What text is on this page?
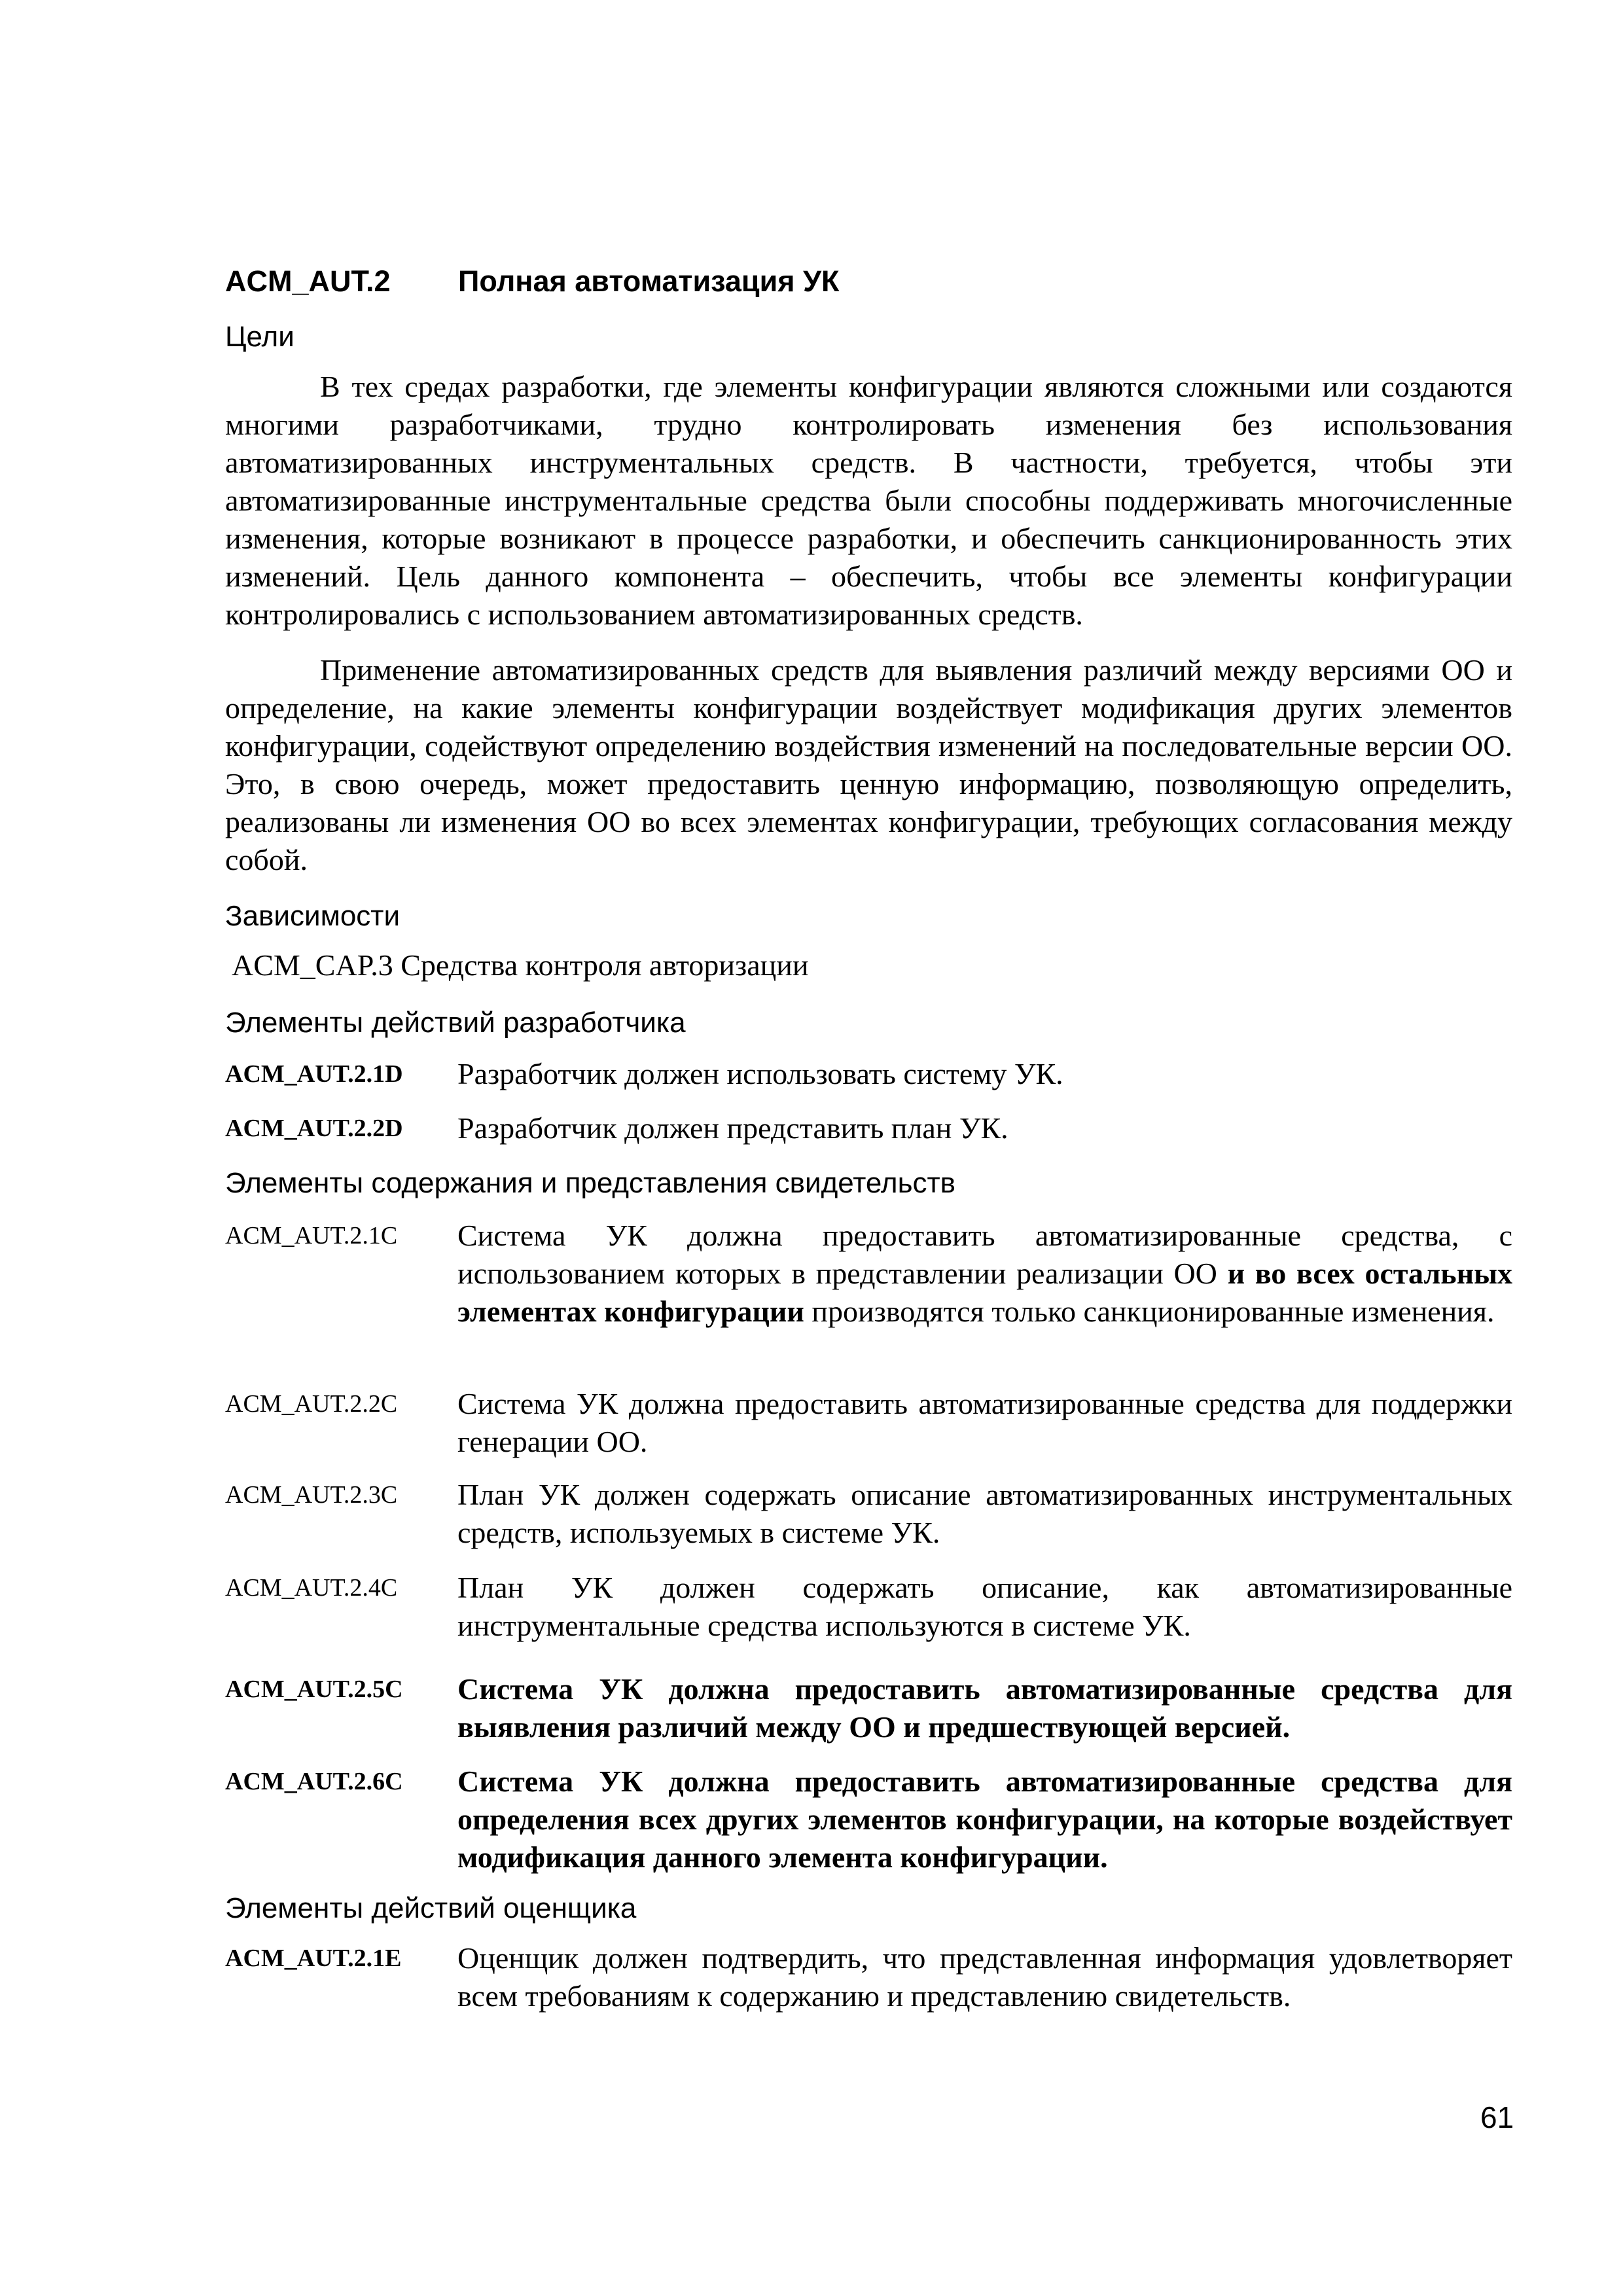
ACM_AUT.2 Полная автоматизация УК
Цели
В тех средах разработки, где элементы конфигурации являются сложными или создаются многими разработчиками, трудно контролировать изменения без использования автоматизированных инструментальных средств. В частности, требуется, чтобы эти автоматизированные инструментальные средства были способны поддерживать многочисленные изменения, которые возникают в процессе разработки, и обеспечить санкционированность этих изменений. Цель данного компонента – обеспечить, чтобы все элементы конфигурации контролировались с использованием автоматизированных средств.
Применение автоматизированных средств для выявления различий между версиями ОО и определение, на какие элементы конфигурации воздействует модификация других элементов конфигурации, содействуют определению воздействия изменений на последовательные версии ОО. Это, в свою очередь, может предоставить ценную информацию, позволяющую определить, реализованы ли изменения ОО во всех элементах конфигурации, требующих согласования между собой.
Зависимости
ACM_CAP.3 Средства контроля авторизации
Элементы действий разработчика
ACM_AUT.2.1D	Разработчик должен использовать систему УК.
ACM_AUT.2.2D	Разработчик должен представить план УК.
Элементы содержания и представления свидетельств
ACM_AUT.2.1C	Система УК должна предоставить автоматизированные средства, с использованием которых в представлении реализации ОО и во всех остальных элементах конфигурации производятся только санкционированные изменения.
ACM_AUT.2.2C	Система УК должна предоставить автоматизированные средства для поддержки генерации ОО.
ACM_AUT.2.3C	План УК должен содержать описание автоматизированных инструментальных средств, используемых в системе УК.
ACM_AUT.2.4C	План УК должен содержать описание, как автоматизированные инструментальные средства используются в системе УК.
ACM_AUT.2.5C	Система УК должна предоставить автоматизированные средства для выявления различий между ОО и предшествующей версией.
ACM_AUT.2.6C	Система УК должна предоставить автоматизированные средства для определения всех других элементов конфигурации, на которые воздействует модификация данного элемента конфигурации.
Элементы действий оценщика
ACM_AUT.2.1E	Оценщик должен подтвердить, что представленная информация удовлетворяет всем требованиям к содержанию и представлению свидетельств.
61
